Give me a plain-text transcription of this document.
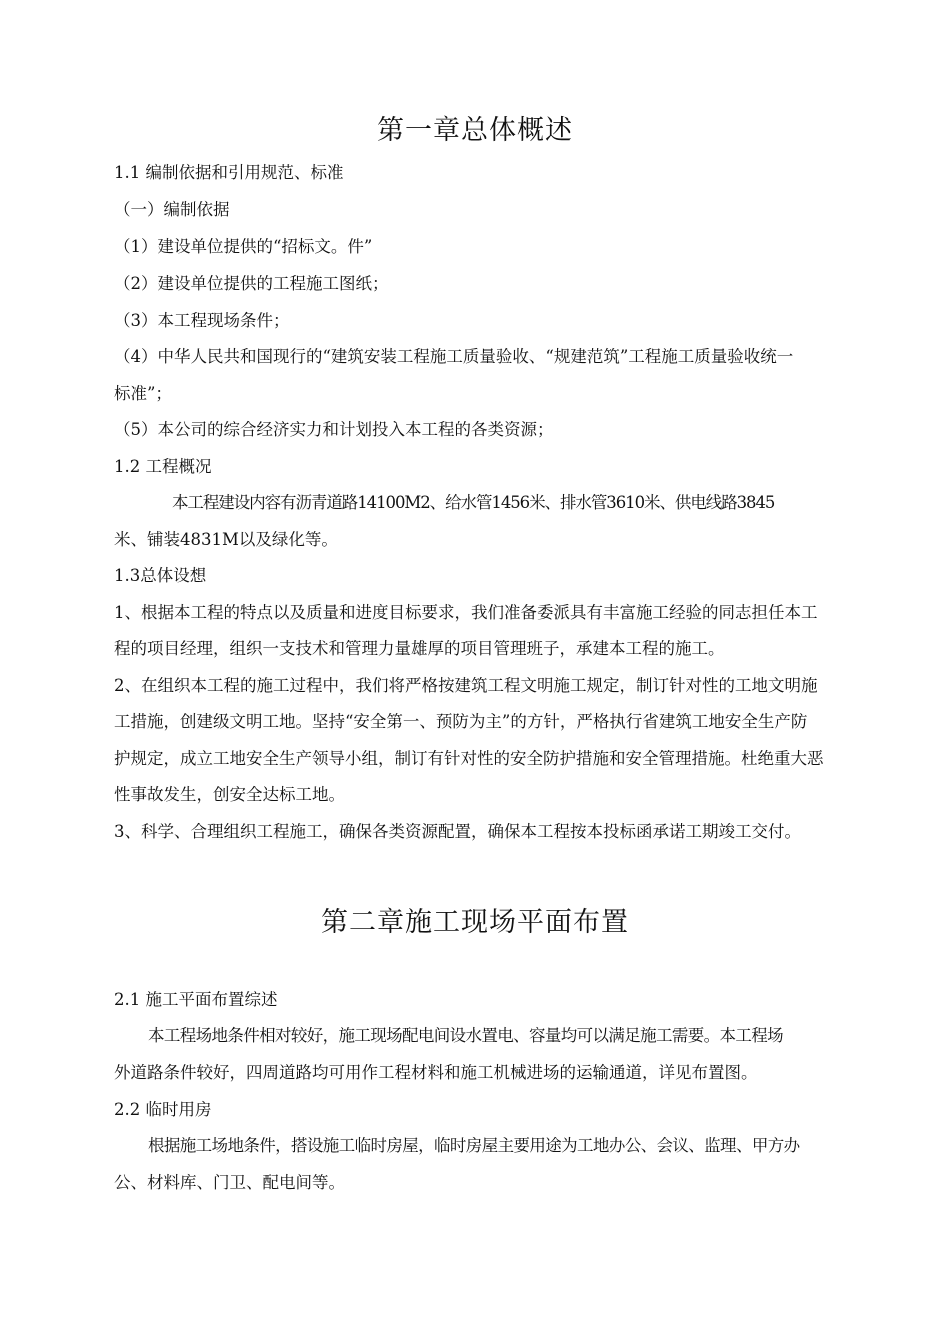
第一章总体概述

1.1 编制依据和引用规范、标准

（一）编制依据

（1）建设单位提供的“招标文。件”

（2）建设单位提供的工程施工图纸；

（3）本工程现场条件；

（4）中华人民共和国现行的“建筑安装工程施工质量验收、“规建范筑”工程施工质量验收统一

标准”；

（5）本公司的综合经济实力和计划投入本工程的各类资源；

1.2 工程概况

本工程建设内容有沥青道路14100M2、给水管1456米、排水管3610米、供电线路3845

米、铺装4831M以及绿化等。

1.3总体设想

1、根据本工程的特点以及质量和进度目标要求，我们准备委派具有丰富施工经验的同志担任本工

程的项目经理，组织一支技术和管理力量雄厚的项目管理班子，承建本工程的施工。

2、在组织本工程的施工过程中，我们将严格按建筑工程文明施工规定，制订针对性的工地文明施

工措施，创建级文明工地。坚持“安全第一、预防为主”的方针，严格执行省建筑工地安全生产防

护规定，成立工地安全生产领导小组，制订有针对性的安全防护措施和安全管理措施。杜绝重大恶

性事故发生，创安全达标工地。

3、科学、合理组织工程施工，确保各类资源配置，确保本工程按本投标函承诺工期竣工交付。

第二章施工现场平面布置

2.1 施工平面布置综述

本工程场地条件相对较好，施工现场配电间设水置电、容量均可以满足施工需要。本工程场

外道路条件较好，四周道路均可用作工程材料和施工机械进场的运输通道，详见布置图。

2.2 临时用房

根据施工场地条件，搭设施工临时房屋，临时房屋主要用途为工地办公、会议、监理、甲方办

公、材料库、门卫、配电间等。
